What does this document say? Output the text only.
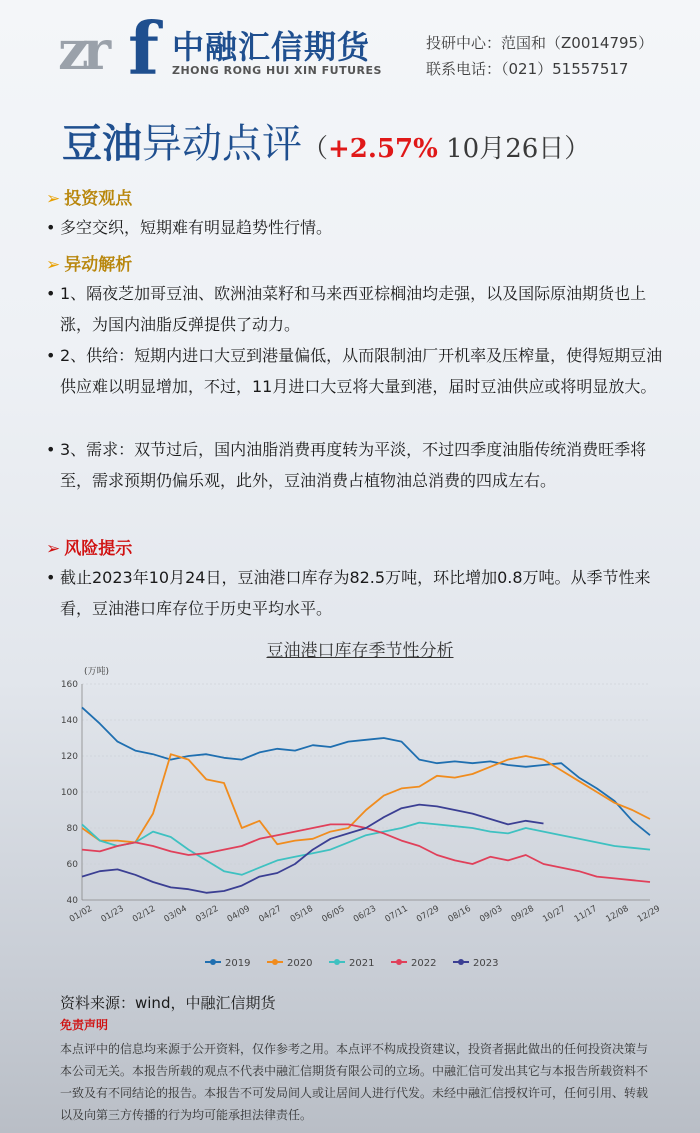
zr f 中融汇信期货
ZHONG RONG HUI XIN FUTURES
投研中心：范国和（Z0014795）
联系电话：（021）51557517
豆油异动点评（+2.57% 10月26日）
➢ 投资观点
• 多空交织，短期难有明显趋势性行情。
➢ 异动解析
• 1、隔夜芝加哥豆油、欧洲油菜籽和马来西亚棕榈油均走强，以及国际原油期货也上涨，为国内油脂反弹提供了动力。
• 2、供给：短期内进口大豆到港量偏低，从而限制油厂开机率及压榨量，使得短期豆油供应难以明显增加，不过，11月进口大豆将大量到港，届时豆油供应或将明显放大。
• 3、需求：双节过后，国内油脂消费再度转为平淡，不过四季度油脂传统消费旺季将至，需求预期仍偏乐观，此外，豆油消费占植物油总消费的四成左右。
➢ 风险提示
• 截止2023年10月24日，豆油港口库存为82.5万吨，环比增加0.8万吨。从季节性来看，豆油港口库存位于历史平均水平。
豆油港口库存季节性分析
(万吨)
40
60
80
100
120
140
160
01/02 01/23 02/12 03/04 03/22 04/09 04/27 05/18 06/05 06/23 07/11 07/29 08/16 09/03 09/28 10/27 11/17 12/08 12/29
2019	2020	2021	2022	2023
资料来源：wind，中融汇信期货
免责声明
本点评中的信息均来源于公开资料，仅作参考之用。本点评不构成投资建议，投资者据此做出的任何投资决策与本公司无关。本报告所载的观点不代表中融汇信期货有限公司的立场。中融汇信可发出其它与本报告所载资料不一致及有不同结论的报告。本报告不可发局间人或让居间人进行代发。未经中融汇信授权许可，任何引用、转载以及向第三方传播的行为均可能承担法律责任。
